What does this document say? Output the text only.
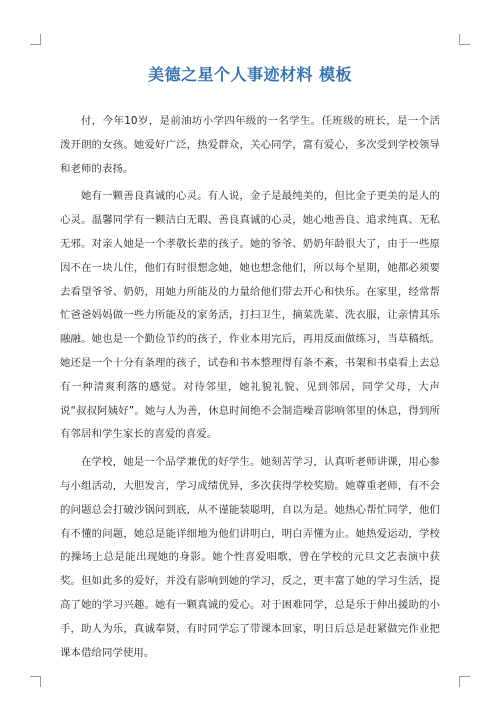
美德之星个人事迹材料 模板

付，今年10岁，是前油坊小学四年级的一名学生。任班级的班长，是一个活泼开朗的女孩。她爱好广泛，热爱群众，关心同学，富有爱心，多次受到学校领导和老师的表扬。

她有一颗善良真诚的心灵。有人说，金子是最纯美的，但比金子更美的是人的心灵。温馨同学有一颗洁白无暇、善良真诚的心灵，她心地善良、追求纯真、无私无邪。对亲人她是一个孝敬长辈的孩子。她的爷爷、奶奶年龄很大了，由于一些原因不在一块儿住，他们有时很想念她，她也想念他们，所以每个星期，她都必须要去看望爷爷、奶奶，用她力所能及的力量给他们带去开心和快乐。在家里，经常帮忙爸爸妈妈做一些力所能及的家务活，打扫卫生，摘菜洗菜、洗衣服，让亲情其乐融融。她也是一个勤俭节约的孩子，作业本用完后，再用反面做练习，当草稿纸。她还是一个十分有条理的孩子，试卷和书本整理得有条不紊，书架和书桌看上去总有一种清爽利落的感觉。对待邻里，她礼貌礼貌、见到邻居，同学父母，大声说“叔叔阿姨好”。她与人为善，休息时间绝不会制造噪音影响邻里的休息，得到所有邻居和学生家长的喜爱的喜爱。

在学校，她是一个品学兼优的好学生。她刻苦学习，认真听老师讲课，用心参与小组活动，大胆发言，学习成绩优异，多次获得学校奖励。她尊重老师，有不会的问题总会打破沙锅问到底，从不谨能装聪明，自以为是。她热心帮忙同学，他们有不懂的问题，她总是能详细地为他们讲明白，明白弄懂为止。她热爱运动，学校的操场上总是能出现她的身影。她个性喜爱唱歌，曾在学校的元旦文艺表演中获奖。但如此多的爱好，并没有影响到她的学习，反之，更丰富了她的学习生活，提高了她的学习兴趣。她有一颗真诚的爱心。对于困难同学，总是乐于伸出援助的小手，助人为乐，真诚奉贤，有时同学忘了带课本回家，明日后总是赶紧做完作业把课本借给同学使用。
